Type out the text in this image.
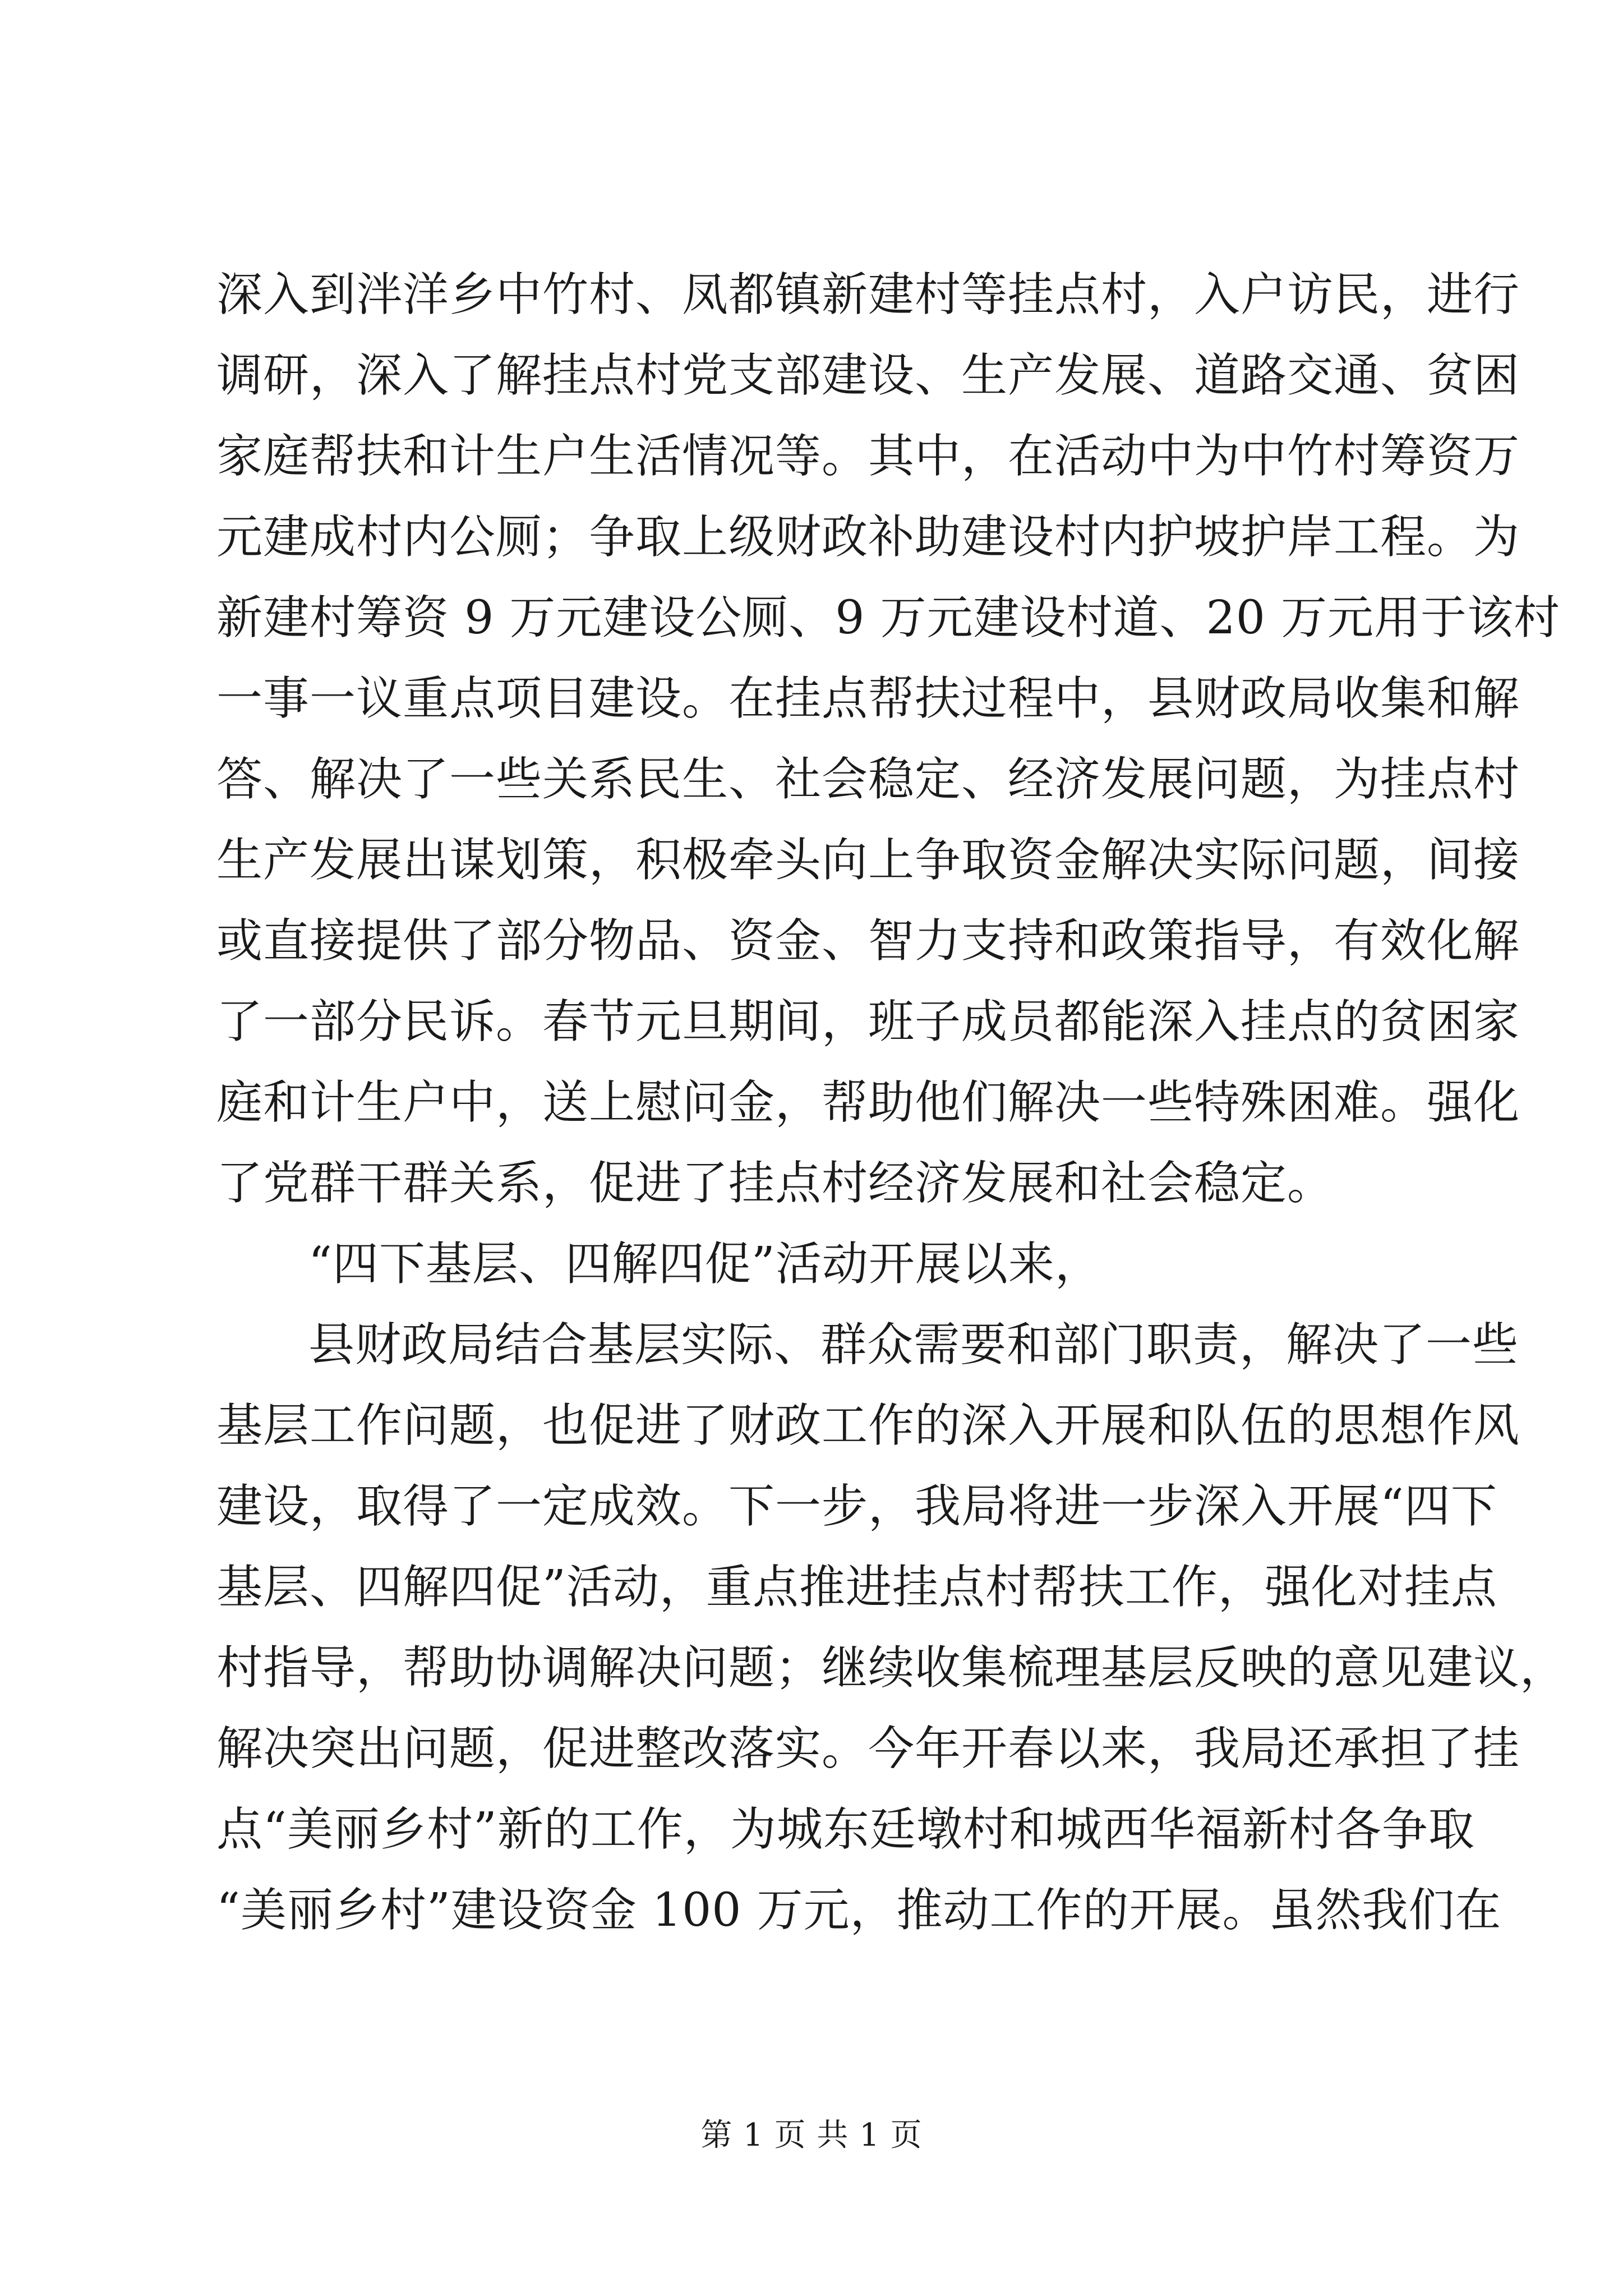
深入到泮洋乡中竹村、凤都镇新建村等挂点村，入户访民，进行
调研，深入了解挂点村党支部建设、生产发展、道路交通、贫困
家庭帮扶和计生户生活情况等。其中，在活动中为中竹村筹资万
元建成村内公厕；争取上级财政补助建设村内护坡护岸工程。为
新建村筹资 9 万元建设公厕、9 万元建设村道、20 万元用于该村
一事一议重点项目建设。在挂点帮扶过程中，县财政局收集和解
答、解决了一些关系民生、社会稳定、经济发展问题，为挂点村
生产发展出谋划策，积极牵头向上争取资金解决实际问题，间接
或直接提供了部分物品、资金、智力支持和政策指导，有效化解
了一部分民诉。春节元旦期间，班子成员都能深入挂点的贫困家
庭和计生户中，送上慰问金，帮助他们解决一些特殊困难。强化
了党群干群关系，促进了挂点村经济发展和社会稳定。
“四下基层、四解四促”活动开展以来，
县财政局结合基层实际、群众需要和部门职责，解决了一些
基层工作问题，也促进了财政工作的深入开展和队伍的思想作风
建设，取得了一定成效。下一步，我局将进一步深入开展“四下
基层、四解四促”活动，重点推进挂点村帮扶工作，强化对挂点
村指导，帮助协调解决问题；继续收集梳理基层反映的意见建议，
解决突出问题，促进整改落实。今年开春以来，我局还承担了挂
点“美丽乡村”新的工作，为城东廷墩村和城西华福新村各争取
“美丽乡村”建设资金 100 万元，推动工作的开展。虽然我们在
第 1 页 共 1 页
